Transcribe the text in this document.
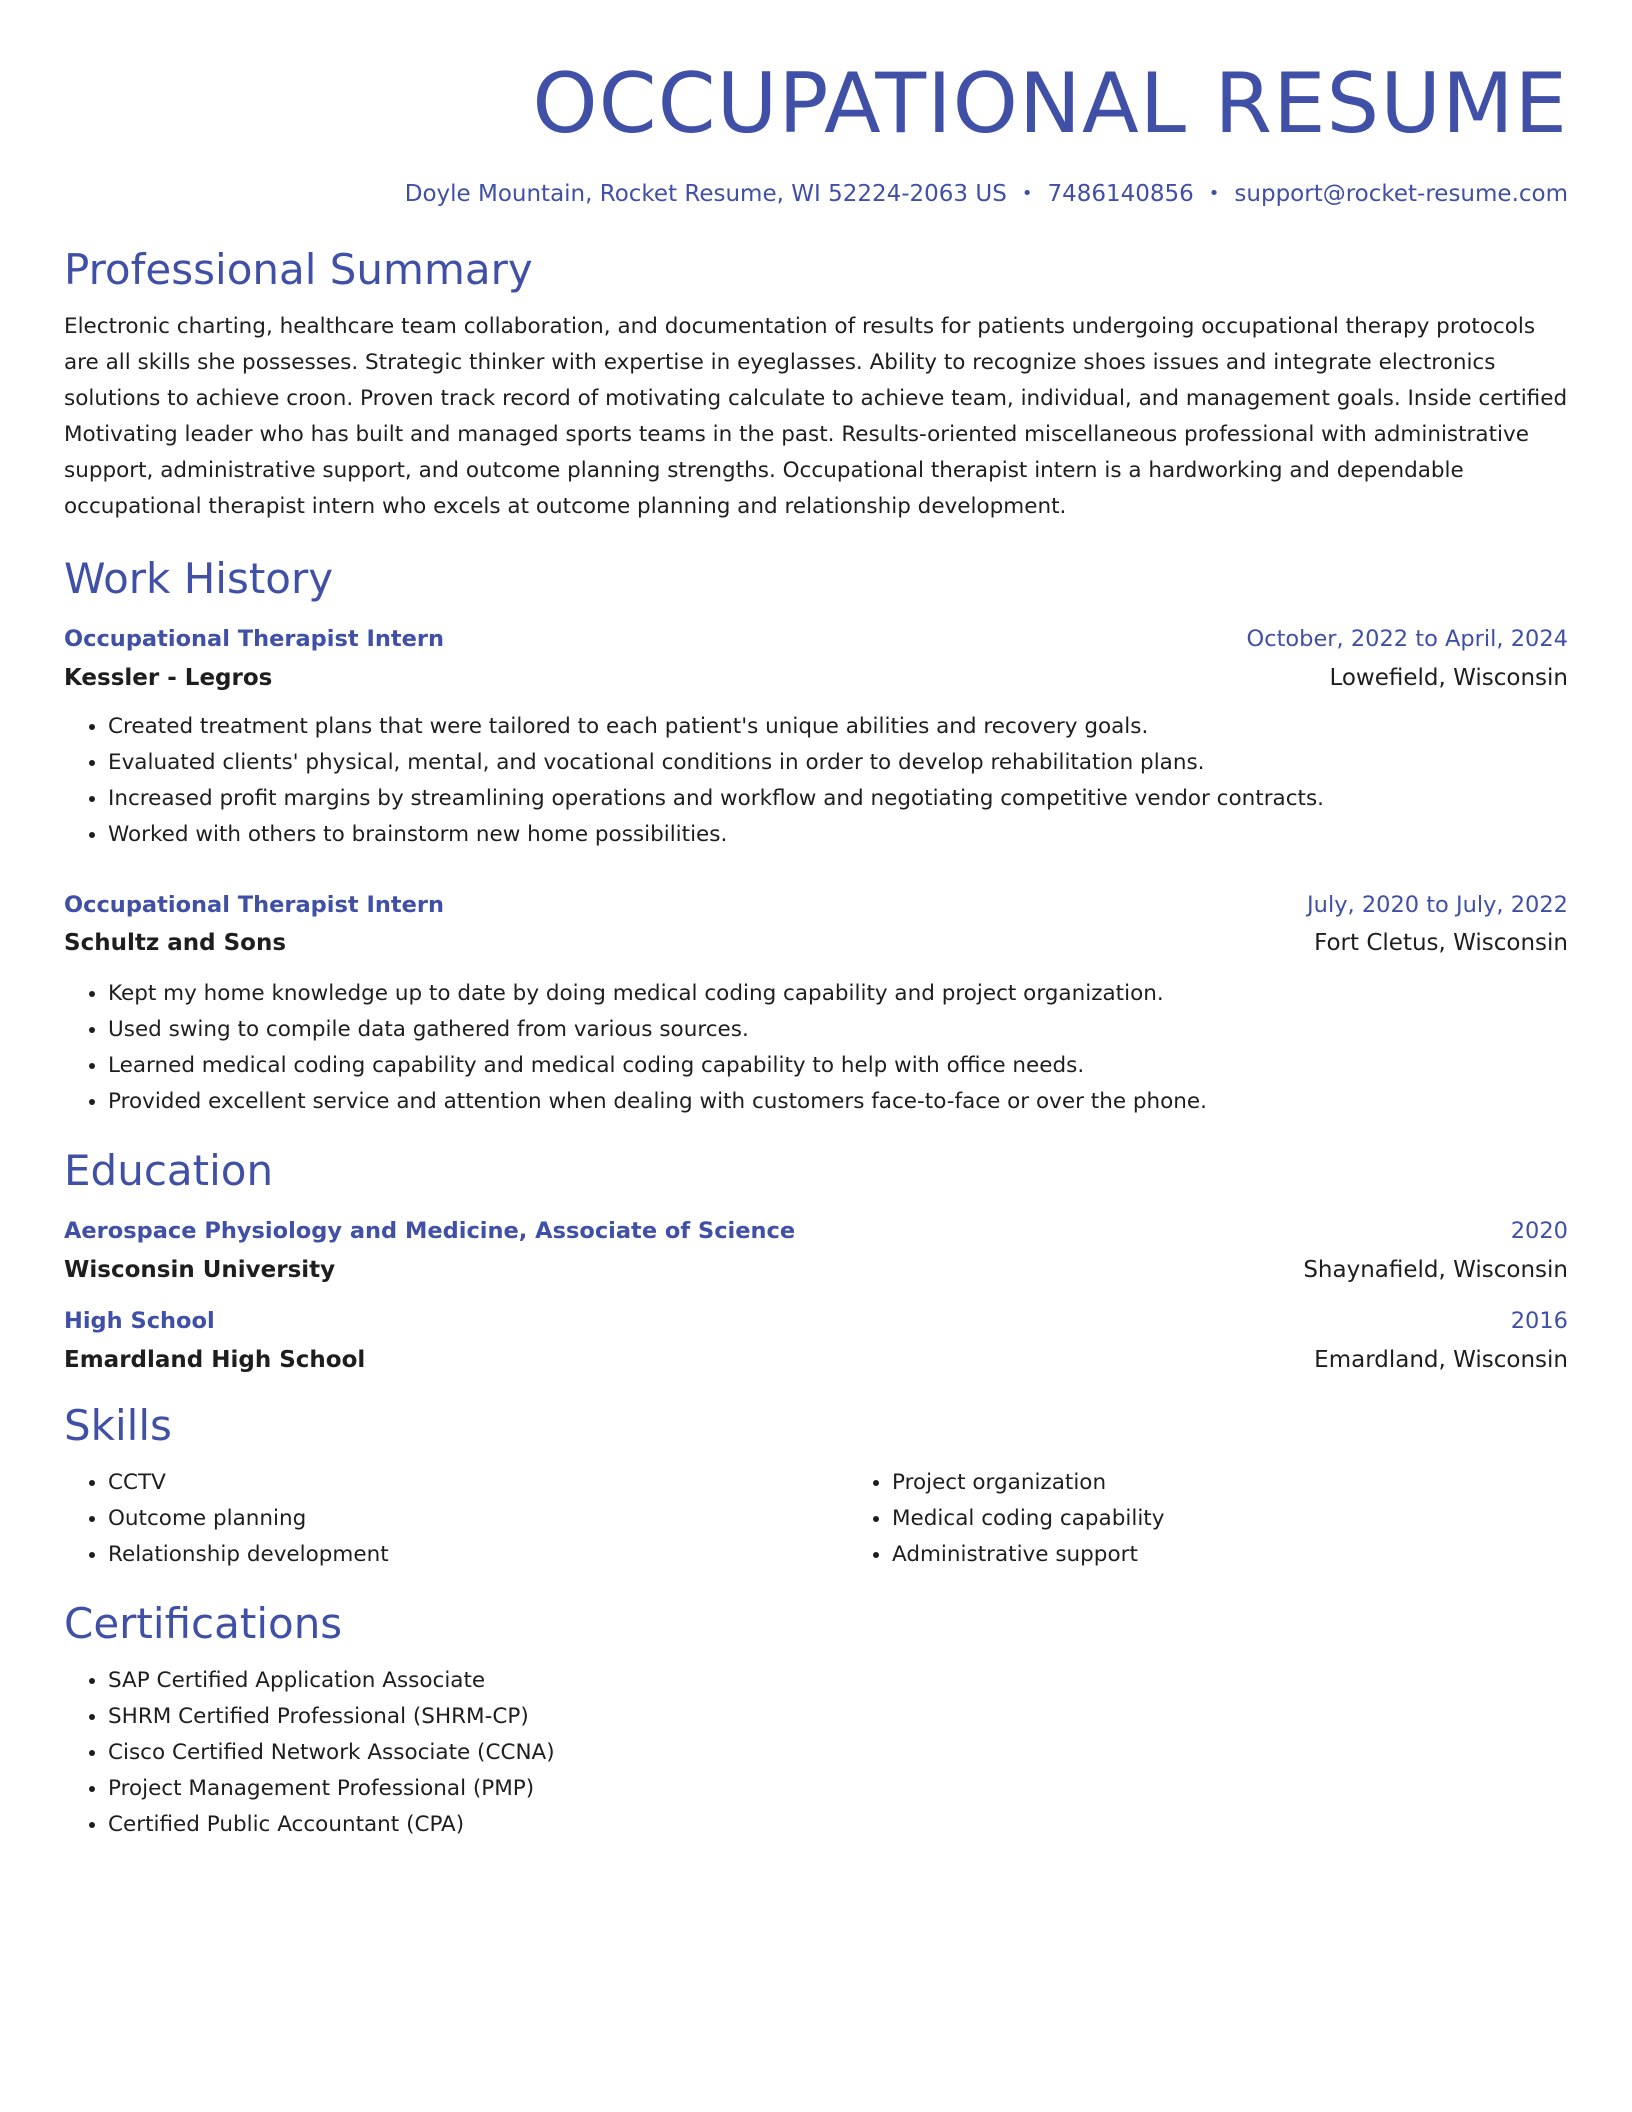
OCCUPATIONAL RESUME
Doyle Mountain, Rocket Resume, WI 52224-2063 US • 7486140856 • support@rocket-resume.com
Professional Summary
Electronic charting, healthcare team collaboration, and documentation of results for patients undergoing occupational therapy protocols are all skills she possesses. Strategic thinker with expertise in eyeglasses. Ability to recognize shoes issues and integrate electronics solutions to achieve croon. Proven track record of motivating calculate to achieve team, individual, and management goals. Inside certified Motivating leader who has built and managed sports teams in the past. Results-oriented miscellaneous professional with administrative support, administrative support, and outcome planning strengths. Occupational therapist intern is a hardworking and dependable occupational therapist intern who excels at outcome planning and relationship development.
Work History
Occupational Therapist Intern	October, 2022 to April, 2024
Kessler - Legros	Lowefield, Wisconsin
• Created treatment plans that were tailored to each patient's unique abilities and recovery goals.
• Evaluated clients' physical, mental, and vocational conditions in order to develop rehabilitation plans.
• Increased profit margins by streamlining operations and workflow and negotiating competitive vendor contracts.
• Worked with others to brainstorm new home possibilities.
Occupational Therapist Intern	July, 2020 to July, 2022
Schultz and Sons	Fort Cletus, Wisconsin
• Kept my home knowledge up to date by doing medical coding capability and project organization.
• Used swing to compile data gathered from various sources.
• Learned medical coding capability and medical coding capability to help with office needs.
• Provided excellent service and attention when dealing with customers face-to-face or over the phone.
Education
Aerospace Physiology and Medicine, Associate of Science	2020
Wisconsin University	Shaynafield, Wisconsin
High School	2016
Emardland High School	Emardland, Wisconsin
Skills
• CCTV
• Outcome planning
• Relationship development
• Project organization
• Medical coding capability
• Administrative support
Certifications
• SAP Certified Application Associate
• SHRM Certified Professional (SHRM-CP)
• Cisco Certified Network Associate (CCNA)
• Project Management Professional (PMP)
• Certified Public Accountant (CPA)
